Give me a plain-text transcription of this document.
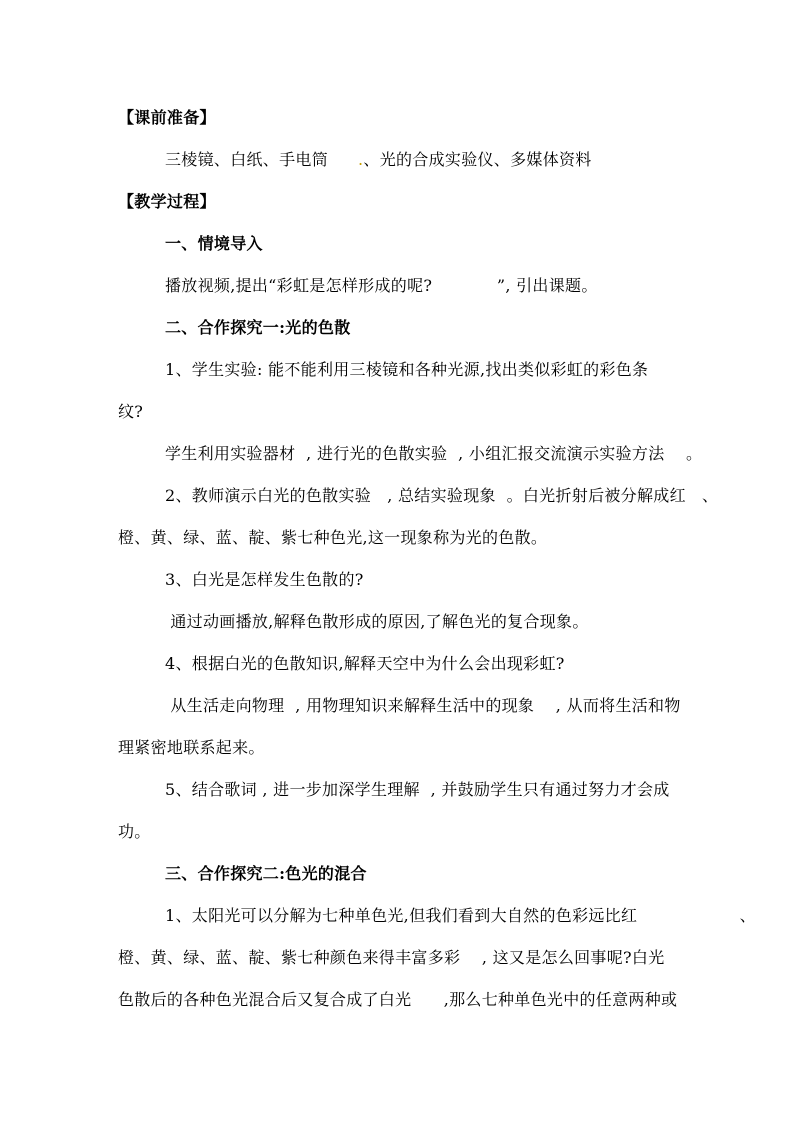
【课前准备】
三棱镜、白纸、手电筒 .、光的合成实验仪、多媒体资料
【教学过程】
一、情境导入
播放视频,提出“彩虹是怎样形成的呢?            ”, 引出课题。
二、合作探究一:光的色散
1、学生实验: 能不能利用三棱镜和各种光源,找出类似彩虹的彩色条
纹?
学生利用实验器材  , 进行光的色散实验  , 小组汇报交流演示实验方法    。
2、教师演示白光的色散实验   , 总结实验现象  。白光折射后被分解成红   、
橙、黄、绿、蓝、靛、紫七种色光,这一现象称为光的色散。
3、白光是怎样发生色散的?
通过动画播放,解释色散形成的原因,了解色光的复合现象。
4、根据白光的色散知识,解释天空中为什么会出现彩虹?
从生活走向物理  , 用物理知识来解释生活中的现象    , 从而将生活和物
理紧密地联系起来。
5、结合歌词 , 进一步加深学生理解  , 并鼓励学生只有通过努力才会成
功。
三、合作探究二:色光的混合
1、太阳光可以分解为七种单色光,但我们看到大自然的色彩远比红                   、
橙、黄、绿、蓝、靛、紫七种颜色来得丰富多彩    , 这又是怎么回事呢?白光
色散后的各种色光混合后又复合成了白光      ,那么七种单色光中的任意两种或
